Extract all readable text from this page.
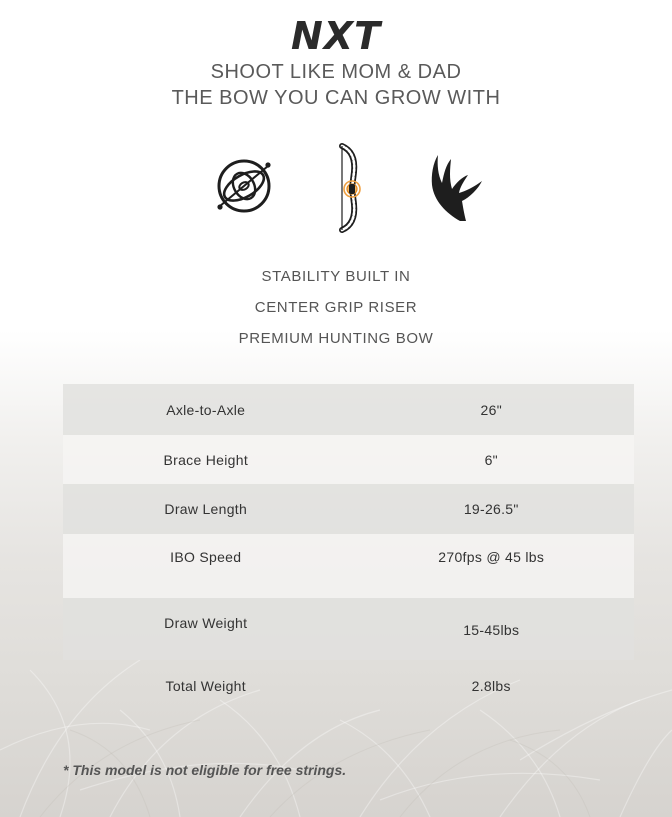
NXT
SHOOT LIKE MOM & DAD
THE BOW YOU CAN GROW WITH
STABILITY BUILT IN
CENTER GRIP RISER
PREMIUM HUNTING BOW
Axle-to-Axle	26"
Brace Height	6"
Draw Length	19-26.5"
IBO Speed	270fps @ 45 lbs
Draw Weight	15-45lbs
Total Weight	2.8lbs
* This model is not eligible for free strings.
